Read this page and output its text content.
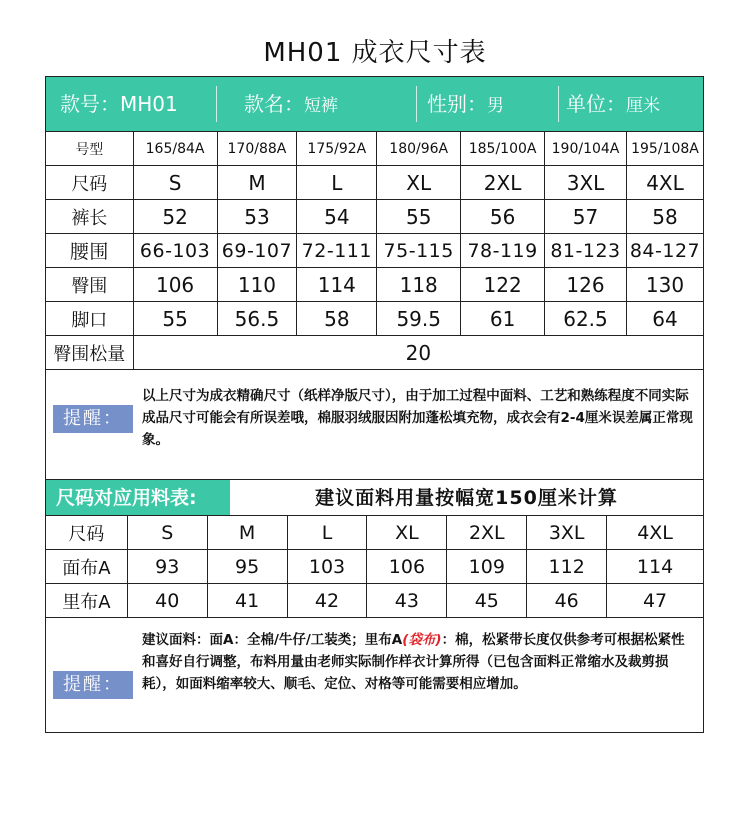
MH01 成衣尺寸表
款号：MH01	款名：短裤	性别：男	单位：厘米
号型	165/84A	170/88A	175/92A	180/96A	185/100A	190/104A	195/108A
尺码	S	M	L	XL	2XL	3XL	4XL
裤长	52	53	54	55	56	57	58
腰围	66-103	69-107	72-111	75-115	78-119	81-123	84-127
臀围	106	110	114	118	122	126	130
脚口	55	56.5	58	59.5	61	62.5	64
臀围松量	20						
提醒：
以上尺寸为成衣精确尺寸（纸样净版尺寸），由于加工过程中面料、工艺和熟练程度不同实际成品尺寸可能会有所误差哦，棉服羽绒服因附加蓬松填充物，成衣会有2-4厘米误差属正常现象。
尺码对应用料表:	建议面料用量按幅宽150厘米计算
尺码	S	M	L	XL	2XL	3XL	4XL
面布A	93	95	103	106	109	112	114
里布A	40	41	42	43	45	46	47
提醒：
建议面料：面A：全棉/牛仔/工装类；里布A(袋布)：棉，松紧带长度仅供参考可根据松紧性和喜好自行调整，布料用量由老师实际制作样衣计算所得（已包含面料正常缩水及裁剪损耗），如面料缩率较大、顺毛、定位、对格等可能需要相应增加。
